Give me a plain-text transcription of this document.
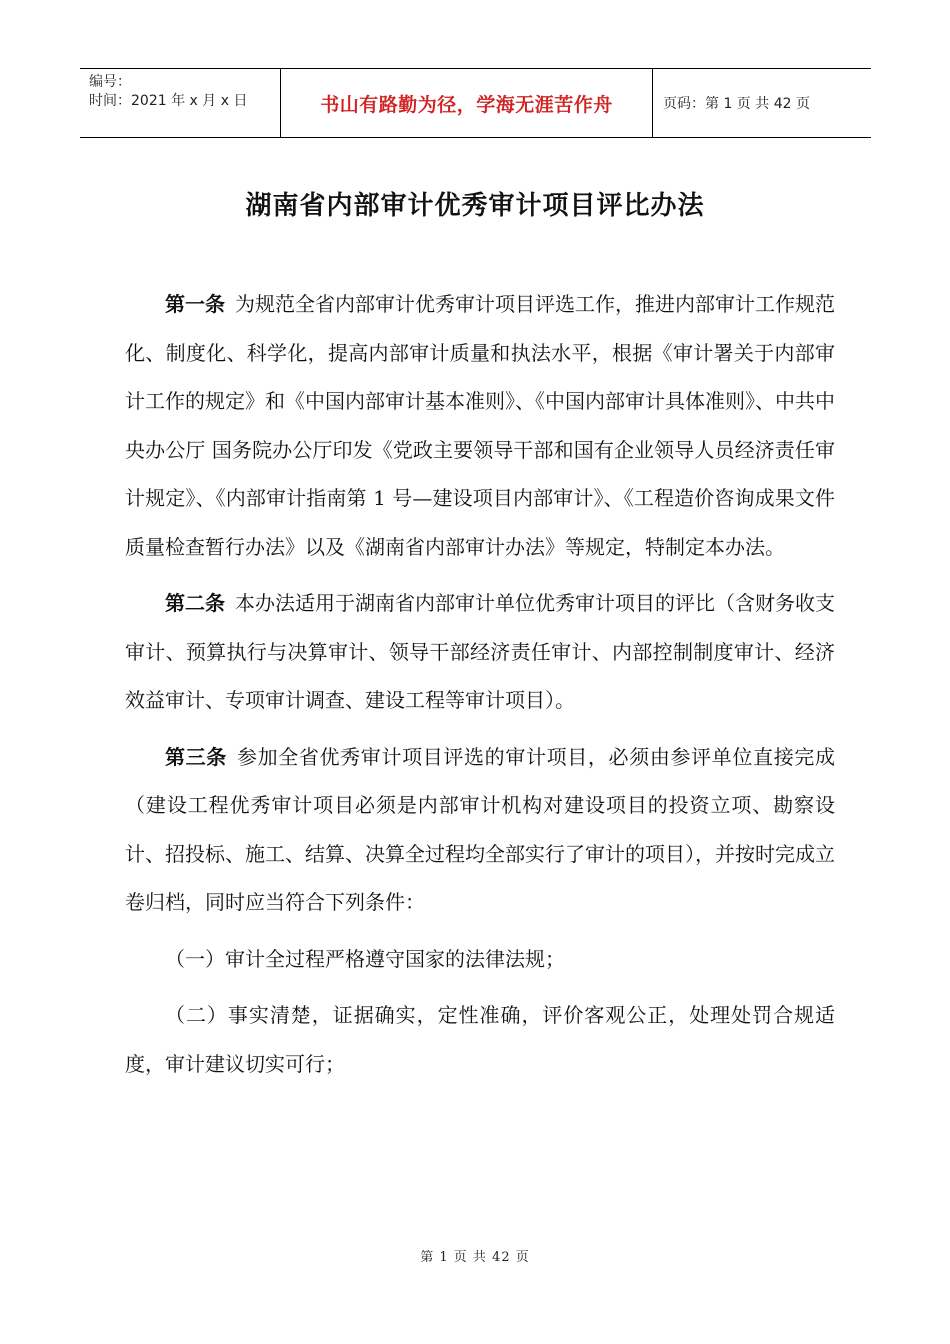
编号：
时间：2021 年 x 月 x 日	书山有路勤为径，学海无涯苦作舟	页码：第 1 页 共 42 页
湖南省内部审计优秀审计项目评比办法

第一条 为规范全省内部审计优秀审计项目评选工作，推进内部审计工作规范化、制度化、科学化，提高内部审计质量和执法水平，根据《审计署关于内部审计工作的规定》和《中国内部审计基本准则》、《中国内部审计具体准则》、中共中央办公厅 国务院办公厅印发《党政主要领导干部和国有企业领导人员经济责任审计规定》、《内部审计指南第 1 号—建设项目内部审计》、《工程造价咨询成果文件质量检查暂行办法》以及《湖南省内部审计办法》等规定，特制定本办法。

第二条 本办法适用于湖南省内部审计单位优秀审计项目的评比（含财务收支审计、预算执行与决算审计、领导干部经济责任审计、内部控制制度审计、经济效益审计、专项审计调查、建设工程等审计项目）。

第三条 参加全省优秀审计项目评选的审计项目，必须由参评单位直接完成（建设工程优秀审计项目必须是内部审计机构对建设项目的投资立项、勘察设计、招投标、施工、结算、决算全过程均全部实行了审计的项目），并按时完成立卷归档，同时应当符合下列条件：

（一）审计全过程严格遵守国家的法律法规；

（二）事实清楚，证据确实，定性准确，评价客观公正，处理处罚合规适度，审计建议切实可行；

第 1 页 共 42 页
